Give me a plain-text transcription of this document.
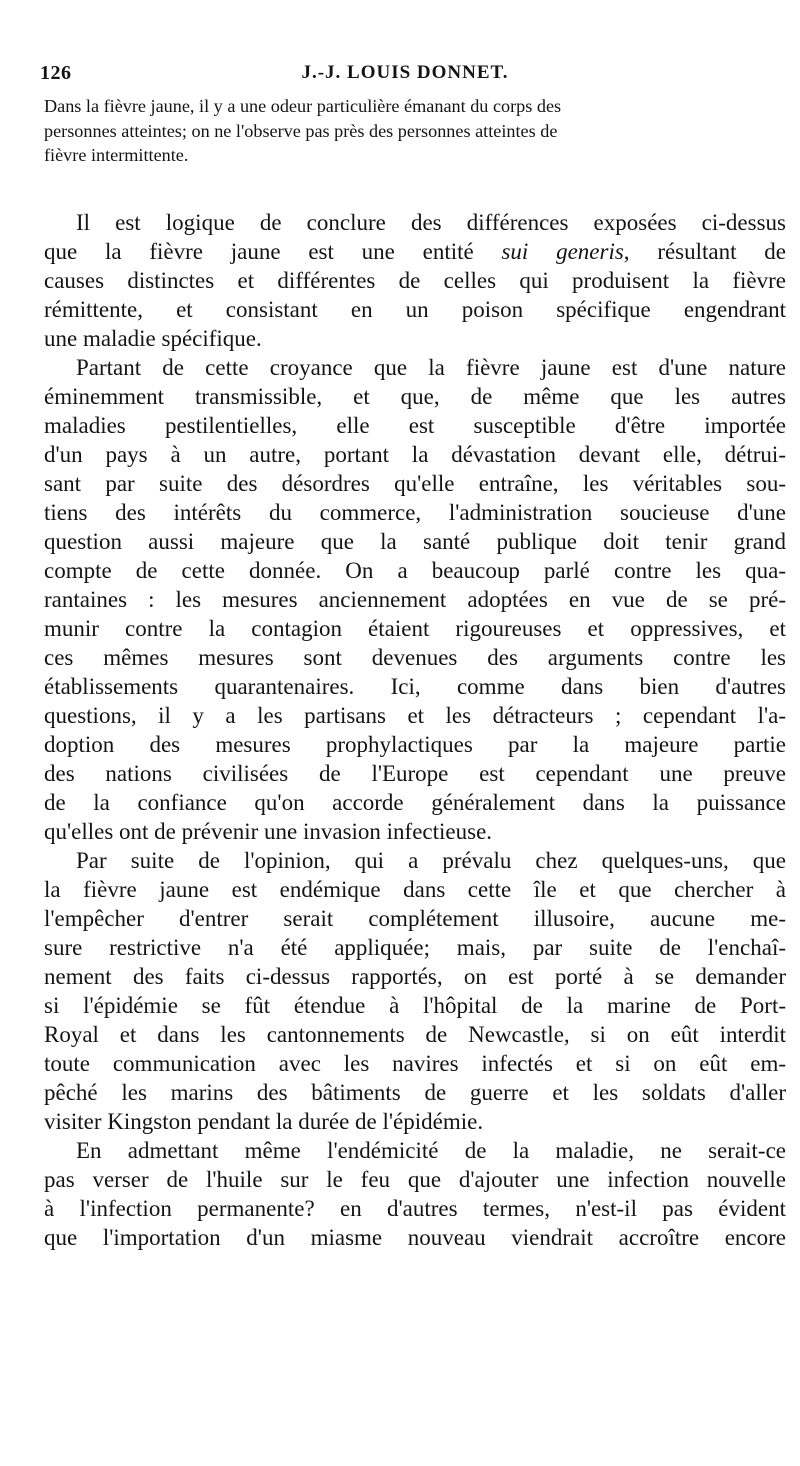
126	J.-J. LOUIS DONNET.
Dans la fièvre jaune, il y a une odeur particulière émanant du corps des
personnes atteintes; on ne l'observe pas près des personnes atteintes de
fièvre intermittente.
Il est logique de conclure des différences exposées ci-dessus
que la fièvre jaune est une entité sui generis, résultant de
causes distinctes et différentes de celles qui produisent la fièvre
rémittente, et consistant en un poison spécifique engendrant
une maladie spécifique.
Partant de cette croyance que la fièvre jaune est d'une nature
éminemment transmissible, et que, de même que les autres
maladies pestilentielles, elle est susceptible d'être importée
d'un pays à un autre, portant la dévastation devant elle, détrui-
sant par suite des désordres qu'elle entraîne, les véritables sou-
tiens des intérêts du commerce, l'administration soucieuse d'une
question aussi majeure que la santé publique doit tenir grand
compte de cette donnée. On a beaucoup parlé contre les qua-
rantaines : les mesures anciennement adoptées en vue de se pré-
munir contre la contagion étaient rigoureuses et oppressives, et
ces mêmes mesures sont devenues des arguments contre les
établissements quarantenaires. Ici, comme dans bien d'autres
questions, il y a les partisans et les détracteurs ; cependant l'a-
doption des mesures prophylactiques par la majeure partie
des nations civilisées de l'Europe est cependant une preuve
de la confiance qu'on accorde généralement dans la puissance
qu'elles ont de prévenir une invasion infectieuse.
Par suite de l'opinion, qui a prévalu chez quelques-uns, que
la fièvre jaune est endémique dans cette île et que chercher à
l'empêcher d'entrer serait complétement illusoire, aucune me-
sure restrictive n'a été appliquée; mais, par suite de l'enchaî-
nement des faits ci-dessus rapportés, on est porté à se demander
si l'épidémie se fût étendue à l'hôpital de la marine de Port-
Royal et dans les cantonnements de Newcastle, si on eût interdit
toute communication avec les navires infectés et si on eût em-
pêché les marins des bâtiments de guerre et les soldats d'aller
visiter Kingston pendant la durée de l'épidémie.
En admettant même l'endémicité de la maladie, ne serait-ce
pas verser de l'huile sur le feu que d'ajouter une infection nouvelle
à l'infection permanente? en d'autres termes, n'est-il pas évident
que l'importation d'un miasme nouveau viendrait accroître encore
